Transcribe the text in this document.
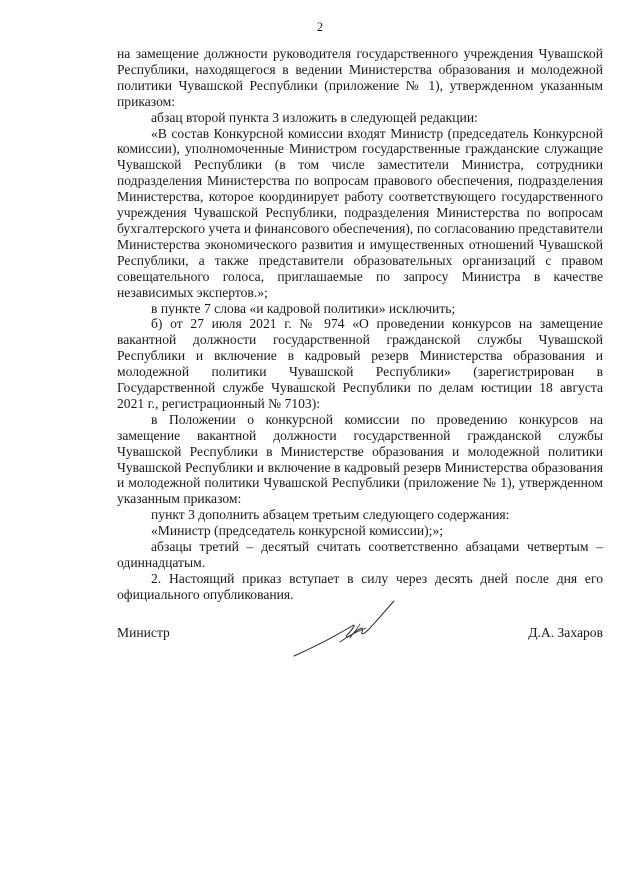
2

на замещение должности руководителя государственного учреждения Чувашской Республики, находящегося в ведении Министерства образования и молодежной политики Чувашской Республики (приложение № 1), утвержденном указанным приказом:

абзац второй пункта 3 изложить в следующей редакции:

«В состав Конкурсной комиссии входят Министр (председатель Конкурсной комиссии), уполномоченные Министром государственные гражданские служащие Чувашской Республики (в том числе заместители Министра, сотрудники подразделения Министерства по вопросам правового обеспечения, подразделения Министерства, которое координирует работу соответствующего государственного учреждения Чувашской Республики, подразделения Министерства по вопросам бухгалтерского учета и финансового обеспечения), по согласованию представители Министерства экономического развития и имущественных отношений Чувашской Республики, а также представители образовательных организаций с правом совещательного голоса, приглашаемые по запросу Министра в качестве независимых экспертов.»;

в пункте 7 слова «и кадровой политики» исключить;

б) от 27 июля 2021 г. № 974 «О проведении конкурсов на замещение вакантной должности государственной гражданской службы Чувашской Республики и включение в кадровый резерв Министерства образования и молодежной политики Чувашской Республики» (зарегистрирован в Государственной службе Чувашской Республики по делам юстиции 18 августа 2021 г., регистрационный № 7103):

в Положении о конкурсной комиссии по проведению конкурсов на замещение вакантной должности государственной гражданской службы Чувашской Республики в Министерстве образования и молодежной политики Чувашской Республики и включение в кадровый резерв Министерства образования и молодежной политики Чувашской Республики (приложение № 1), утвержденном указанным приказом:

пункт 3 дополнить абзацем третьим следующего содержания:

«Министр (председатель конкурсной комиссии);»;

абзацы третий – десятый считать соответственно абзацами четвертым – одиннадцатым.

2. Настоящий приказ вступает в силу через десять дней после дня его официального опубликования.

Министр	Д.А. Захаров
